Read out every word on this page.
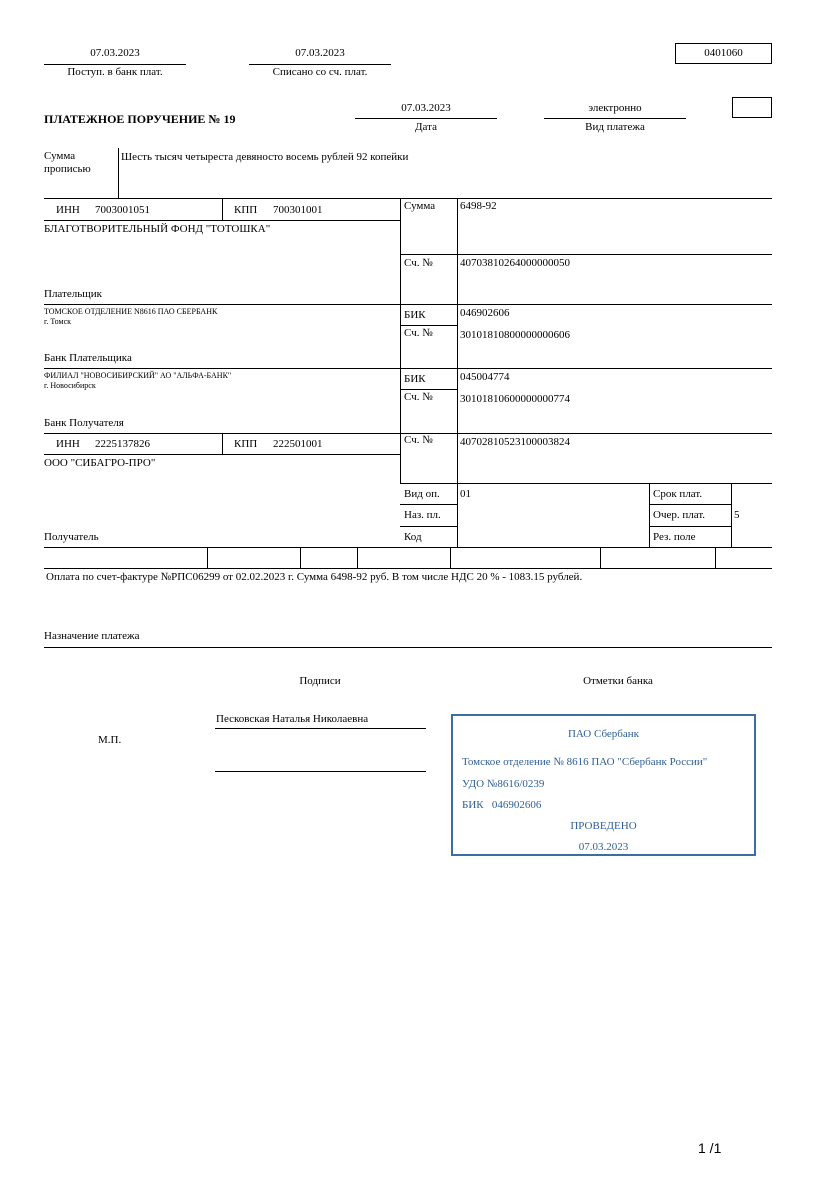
07.03.2023
Поступ. в банк плат.
07.03.2023
Списано со сч. плат.
0401060
ПЛАТЕЖНОЕ ПОРУЧЕНИЕ № 19
07.03.2023
Дата
электронно
Вид платежа
Сумма прописью
Шесть тысяч четыреста девяносто восемь рублей 92 копейки
ИНН 7003001051	КПП 700301001
БЛАГОТВОРИТЕЛЬНЫЙ ФОНД "ТОТОШКА"
Плательщик
Сумма 6498-92
Сч. № 40703810264000000050
ТОМСКОЕ ОТДЕЛЕНИЕ N8616 ПАО СБЕРБАНК
г. Томск
Банк Плательщика
БИК	046902606
Сч. № 30101810800000000606
ФИЛИАЛ "НОВОСИБИРСКИЙ" АО "АЛЬФА-БАНК"
г. Новосибирск
Банк Получателя
БИК	045004774
Сч. № 30101810600000000774
ИНН 2225137826	КПП 222501001
ООО "СИБАГРО-ПРО"
Получатель
Сч. № 40702810523100003824
Вид оп. 01
Наз. пл.
Код
Срок плат.
Очер. плат.	5
Рез. поле
Оплата по счет-фактуре №РПС06299 от 02.02.2023 г. Сумма 6498-92 руб. В том числе НДС 20 % - 1083.15 рублей.
Назначение платежа
Подписи	Отметки банка
М.П.
Песковская Наталья Николаевна
ПАО Сбербанк
Томское отделение № 8616 ПАО "Сбербанк России"
УДО №8616/0239
БИК   046902606
ПРОВЕДЕНО
07.03.2023
1 /1
